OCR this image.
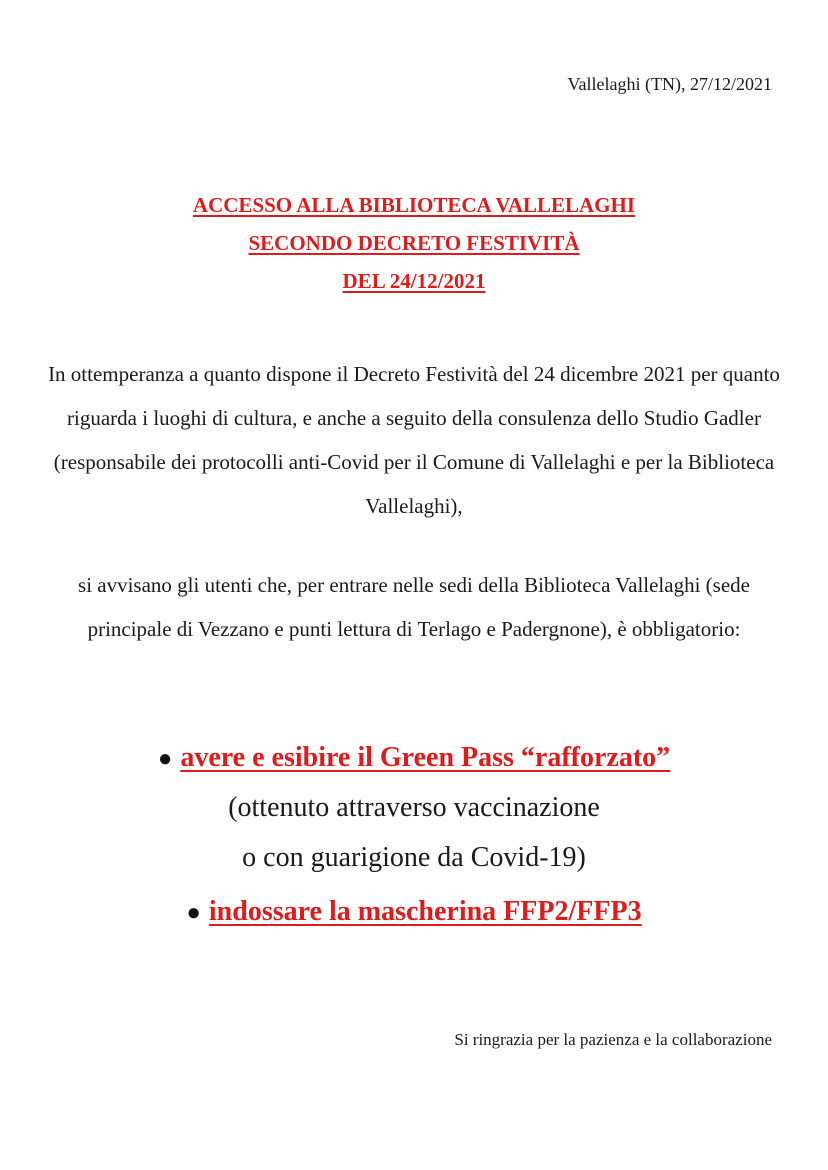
Vallelaghi (TN), 27/12/2021
ACCESSO ALLA BIBLIOTECA VALLELAGHI
SECONDO DECRETO FESTIVITÀ
DEL 24/12/2021
In ottemperanza a quanto dispone il Decreto Festività del 24 dicembre 2021 per quanto riguarda i luoghi di cultura, e anche a seguito della consulenza dello Studio Gadler (responsabile dei protocolli anti-Covid per il Comune di Vallelaghi e per la Biblioteca Vallelaghi),
si avvisano gli utenti che, per entrare nelle sedi della Biblioteca Vallelaghi (sede principale di Vezzano e punti lettura di Terlago e Padergnone), è obbligatorio:
● avere e esibire il Green Pass “rafforzato”
(ottenuto attraverso vaccinazione
o con guarigione da Covid-19)
● indossare la mascherina FFP2/FFP3
Si ringrazia per la pazienza e la collaborazione
